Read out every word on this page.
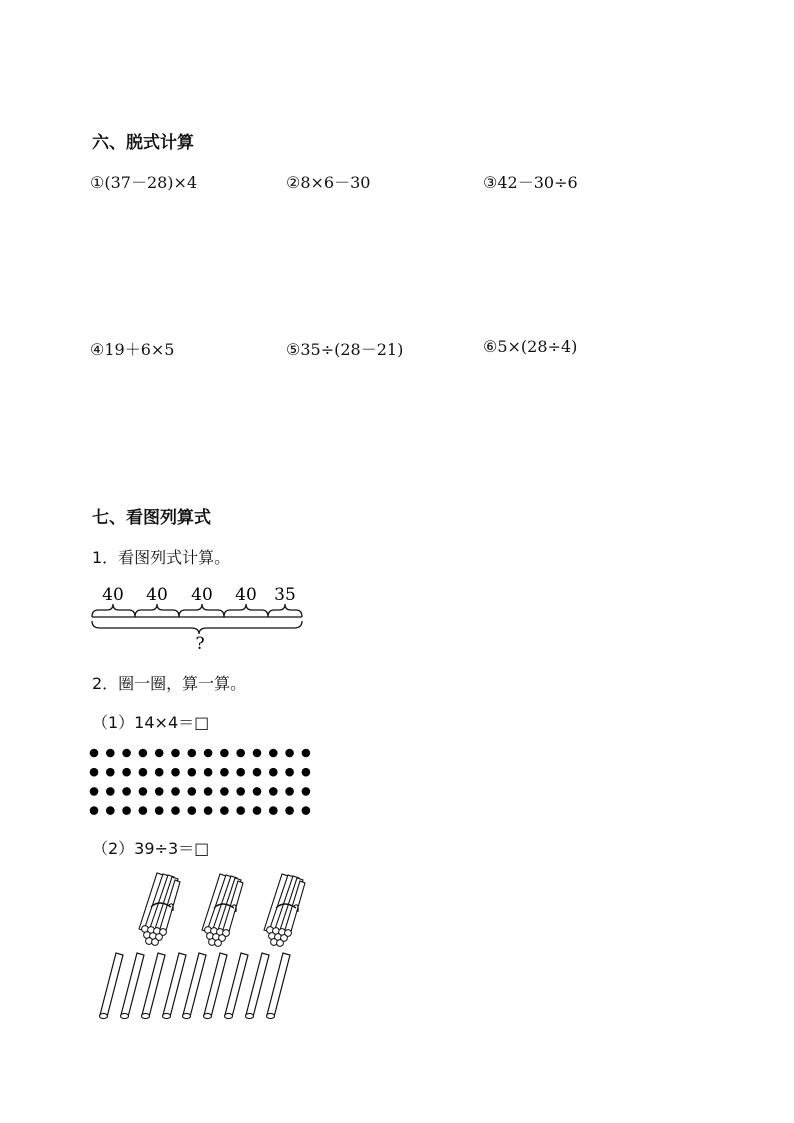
六、脱式计算
①(37－28)×4	②8×6－30	③42－30÷6
④19＋6×5	⑤35÷(28－21)	⑥5×(28÷4)
七、看图列算式
1．看图列式计算。
40 40 40 40 35
?
2．圈一圈，算一算。
（1）14×4＝□
（2）39÷3＝□
